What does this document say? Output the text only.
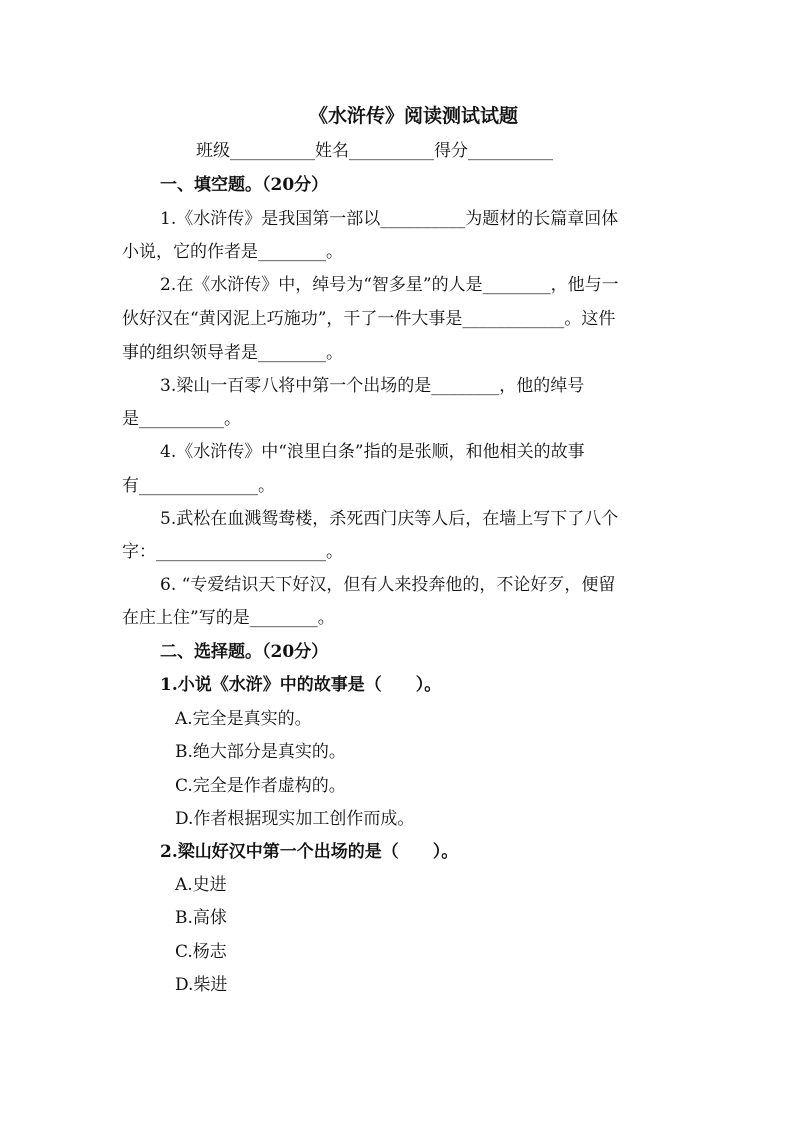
《水浒传》阅读测试试题
班级__________姓名__________得分__________
一、填空题。（20分）
1.《水浒传》是我国第一部以__________为题材的长篇章回体
小说，它的作者是________。
2.在《水浒传》中，绰号为“智多星”的人是________，他与一
伙好汉在“黄冈泥上巧施功”，干了一件大事是____________。这件
事的组织领导者是________。
3.梁山一百零八将中第一个出场的是________，他的绰号
是__________。
4.《水浒传》中“浪里白条”指的是张顺，和他相关的故事
有______________。
5.武松在血溅鸳鸯楼，杀死西门庆等人后，在墙上写下了八个
字：____________________。
6. “专爱结识天下好汉，但有人来投奔他的，不论好歹，便留
在庄上住”写的是________。
二、选择题。（20分）
1.小说《水浒》中的故事是（　　）。
A.完全是真实的。
B.绝大部分是真实的。
C.完全是作者虚构的。
D.作者根据现实加工创作而成。
2.梁山好汉中第一个出场的是（　　）。
A.史进
B.高俅
C.杨志
D.柴进
